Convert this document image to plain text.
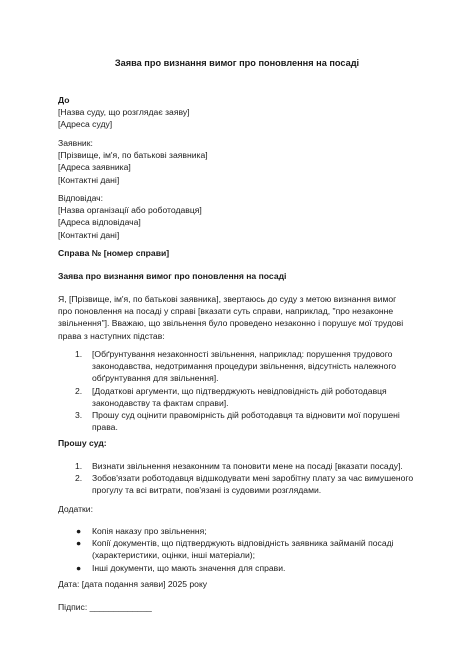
Заява про визнання вимог про поновлення на посаді
До
[Назва суду, що розглядає заяву]
[Адреса суду]
Заявник:
[Прізвище, ім'я, по батькові заявника]
[Адреса заявника]
[Контактні дані]
Відповідач:
[Назва організації або роботодавця]
[Адреса відповідача]
[Контактні дані]
Справа № [номер справи]
Заява про визнання вимог про поновлення на посаді
Я, [Прізвище, ім'я, по батькові заявника], звертаюсь до суду з метою визнання вимог
про поновлення на посаді у справі [вказати суть справи, наприклад, "про незаконне
звільнення"]. Вважаю, що звільнення було проведено незаконно і порушує мої трудові
права з наступних підстав:
1. [Обґрунтування незаконності звільнення, наприклад: порушення трудового
законодавства, недотримання процедури звільнення, відсутність належного
обґрунтування для звільнення].
2. [Додаткові аргументи, що підтверджують невідповідність дій роботодавця
законодавству та фактам справи].
3. Прошу суд оцінити правомірність дій роботодавця та відновити мої порушені
права.
Прошу суд:
1. Визнати звільнення незаконним та поновити мене на посаді [вказати посаду].
2. Зобов'язати роботодавця відшкодувати мені заробітну плату за час вимушеного
прогулу та всі витрати, пов'язані із судовими розглядами.
Додатки:
● Копія наказу про звільнення;
● Копії документів, що підтверджують відповідність заявника займаній посаді
(характеристики, оцінки, інші матеріали);
● Інші документи, що мають значення для справи.
Дата: [дата подання заяви] 2025 року
Підпис: _____________
